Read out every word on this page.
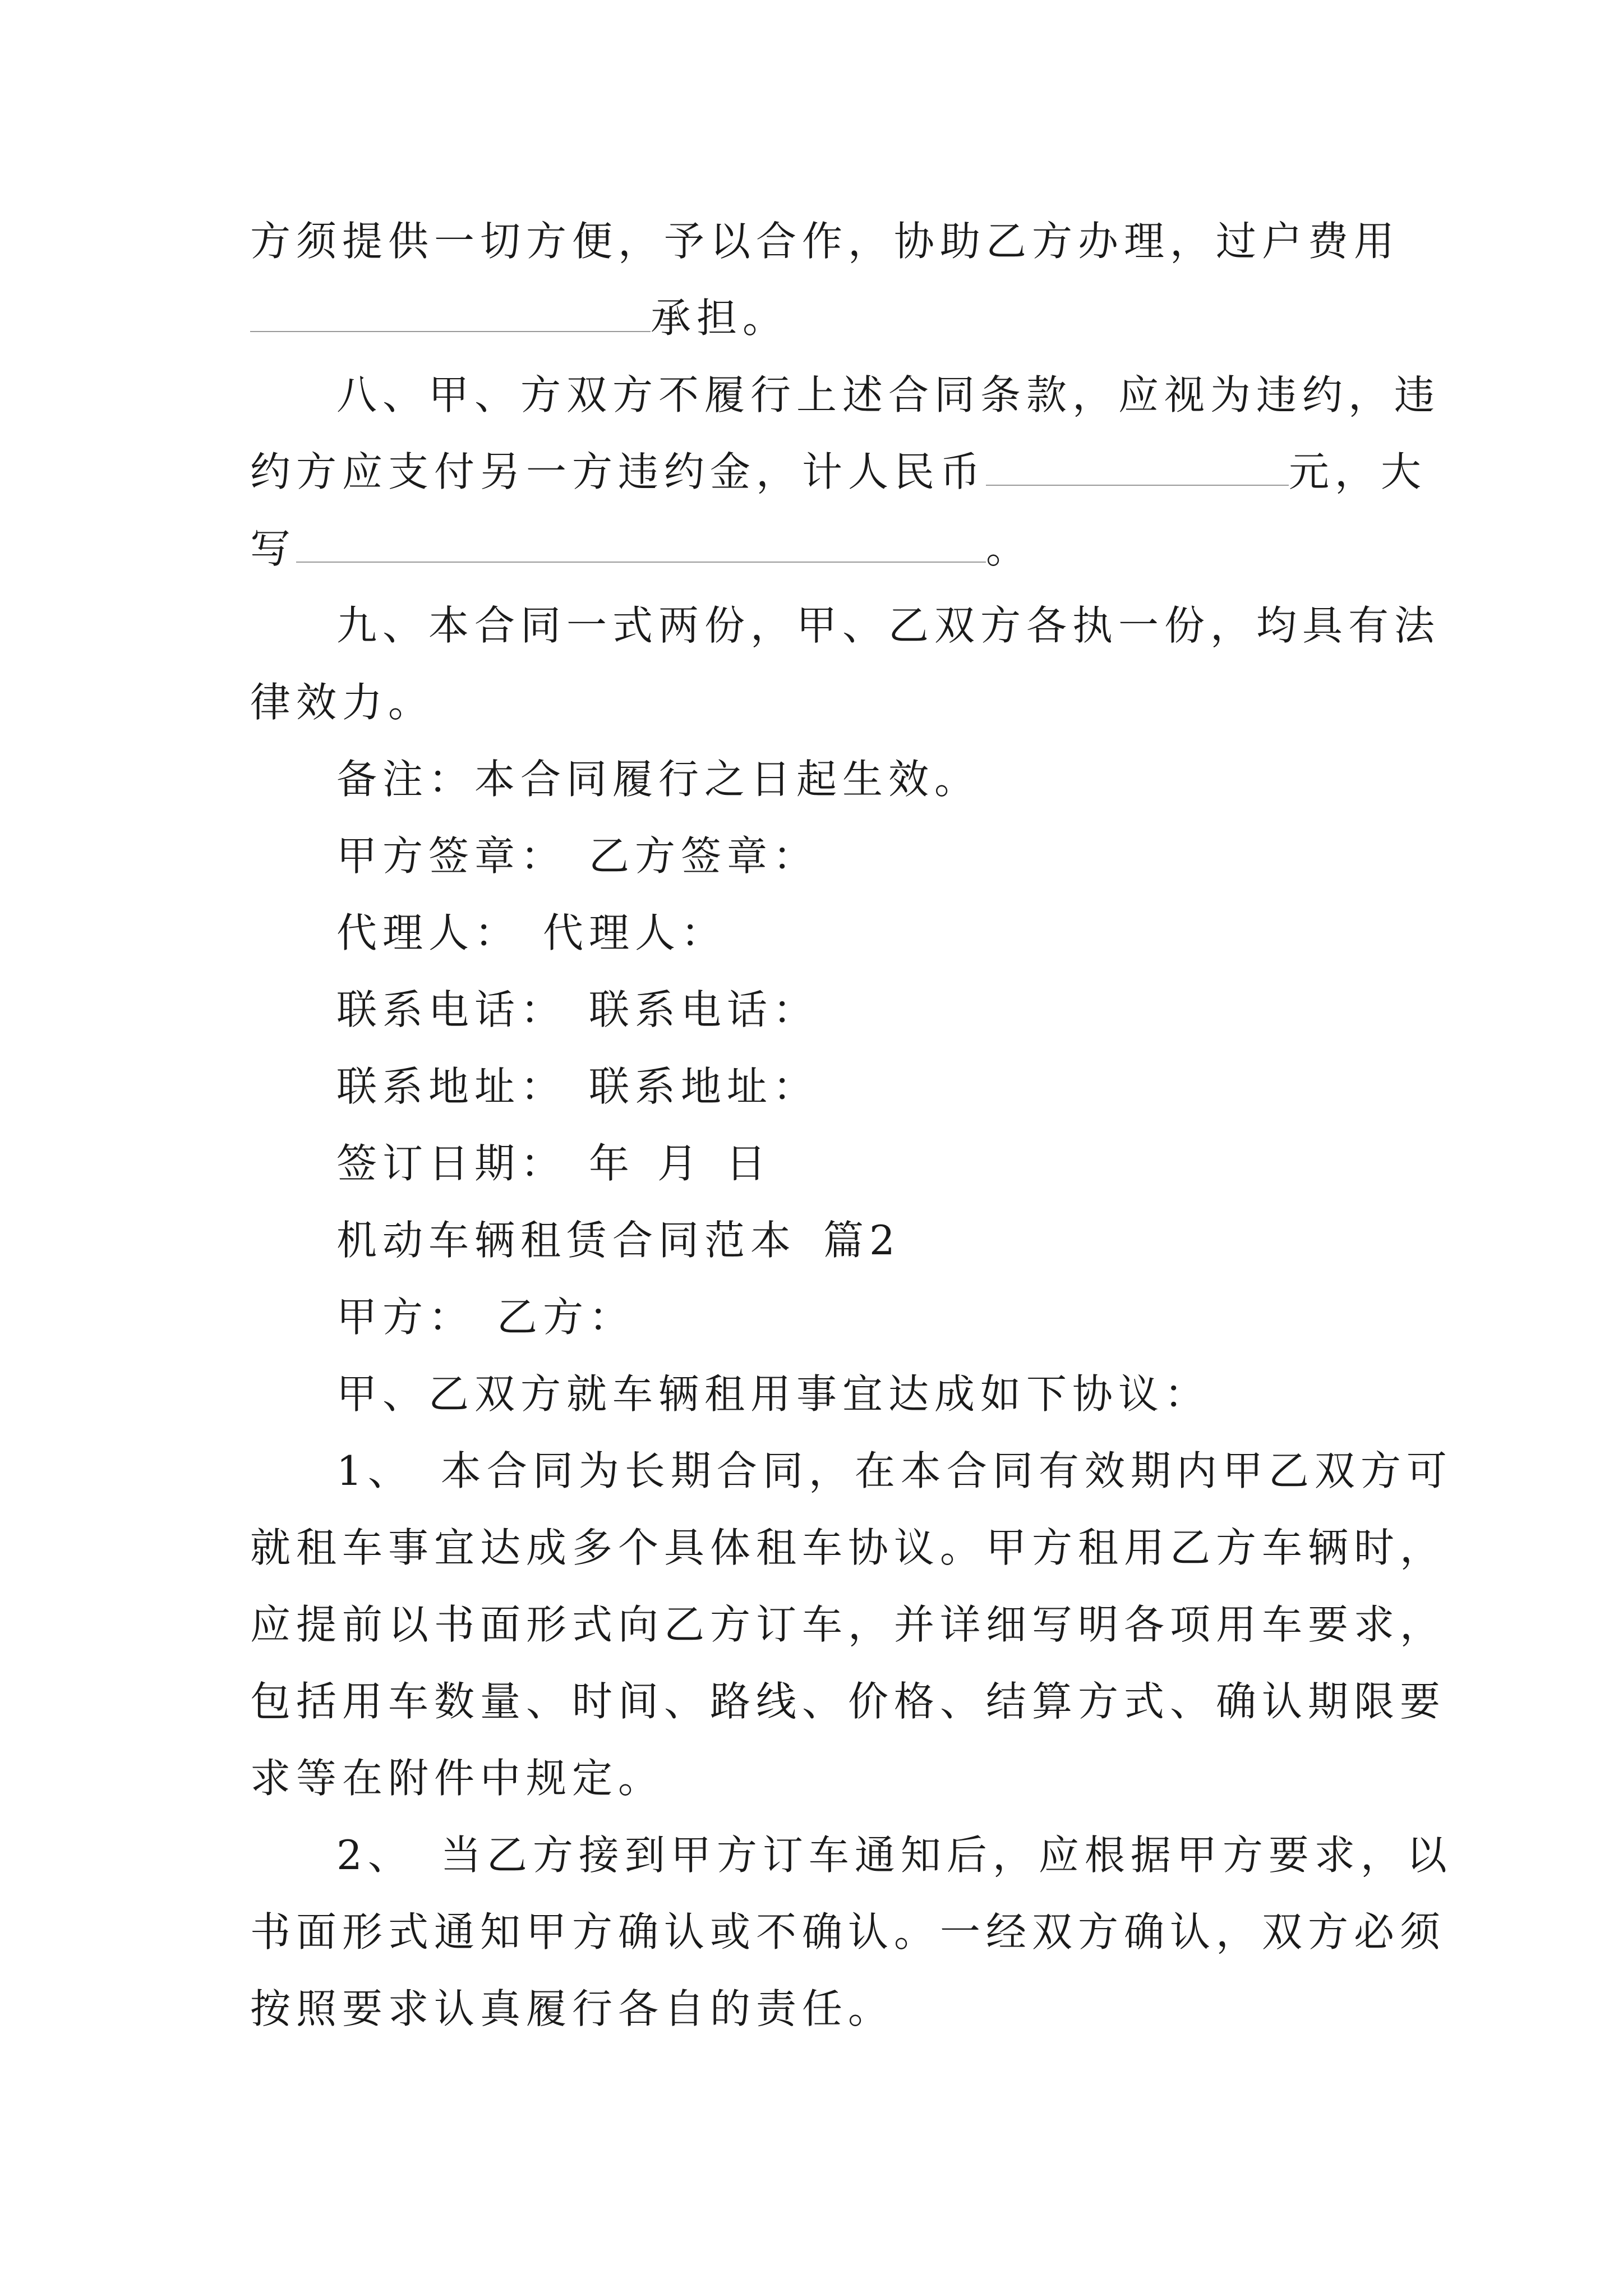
方须提供一切方便，予以合作，协助乙方办理，过户费用
承担。
八、甲、方双方不履行上述合同条款，应视为违约，违
约方应支付另一方违约金，计人民币	元，大
写	。
九、本合同一式两份，甲、乙双方各执一份，均具有法
律效力。
备注：本合同履行之日起生效。
甲方签章： 乙方签章：
代理人： 代理人：
联系电话： 联系电话：
联系地址： 联系地址：
签订日期： 年 月 日
机动车辆租赁合同范本 篇2
甲方： 乙方：
甲、乙双方就车辆租用事宜达成如下协议：
1、 本合同为长期合同，在本合同有效期内甲乙双方可
就租车事宜达成多个具体租车协议。甲方租用乙方车辆时，
应提前以书面形式向乙方订车，并详细写明各项用车要求，
包括用车数量、时间、路线、价格、结算方式、确认期限要
求等在附件中规定。
2、 当乙方接到甲方订车通知后，应根据甲方要求，以
书面形式通知甲方确认或不确认。一经双方确认，双方必须
按照要求认真履行各自的责任。
